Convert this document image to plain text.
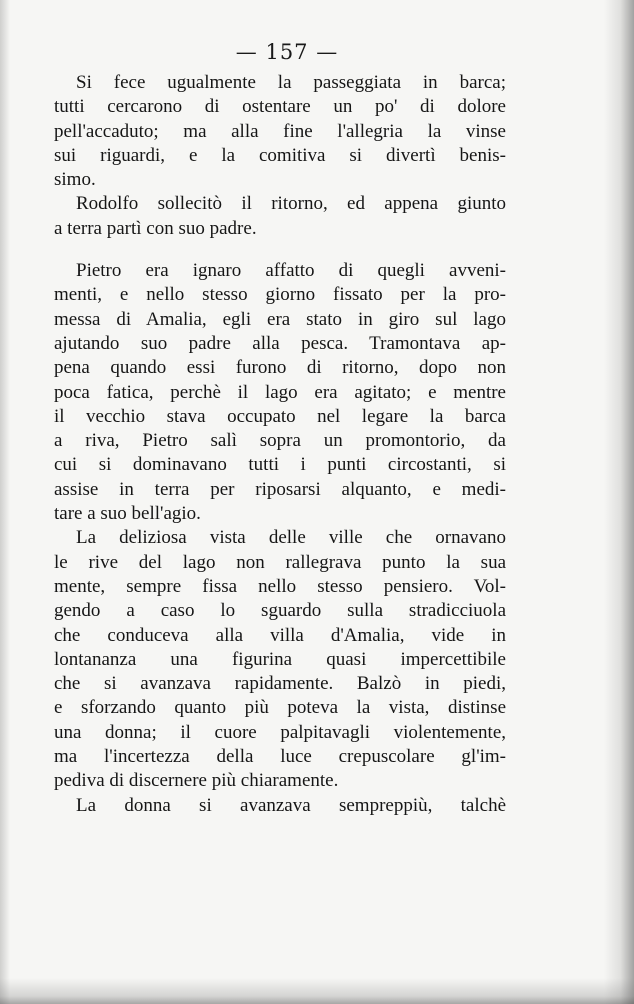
— 157 —
Si fece ugualmente la passeggiata in barca;
tutti cercarono di ostentare un po' di dolore
pell'accaduto; ma alla fine l'allegria la vinse
sui riguardi, e la comitiva si divertì benis-
simo.
Rodolfo sollecitò il ritorno, ed appena giunto
a terra partì con suo padre.
Pietro era ignaro affatto di quegli avveni-
menti, e nello stesso giorno fissato per la pro-
messa di Amalia, egli era stato in giro sul lago
ajutando suo padre alla pesca. Tramontava ap-
pena quando essi furono di ritorno, dopo non
poca fatica, perchè il lago era agitato; e mentre
il vecchio stava occupato nel legare la barca
a riva, Pietro salì sopra un promontorio, da
cui si dominavano tutti i punti circostanti, si
assise in terra per riposarsi alquanto, e medi-
tare a suo bell'agio.
La deliziosa vista delle ville che ornavano
le rive del lago non rallegrava punto la sua
mente, sempre fissa nello stesso pensiero. Vol-
gendo a caso lo sguardo sulla stradicciuola
che conduceva alla villa d'Amalia, vide in
lontananza una figurina quasi impercettibile
che si avanzava rapidamente. Balzò in piedi,
e sforzando quanto più poteva la vista, distinse
una donna; il cuore palpitavagli violentemente,
ma l'incertezza della luce crepuscolare gl'im-
pediva di discernere più chiaramente.
La donna si avanzava sempreppiù, talchè
